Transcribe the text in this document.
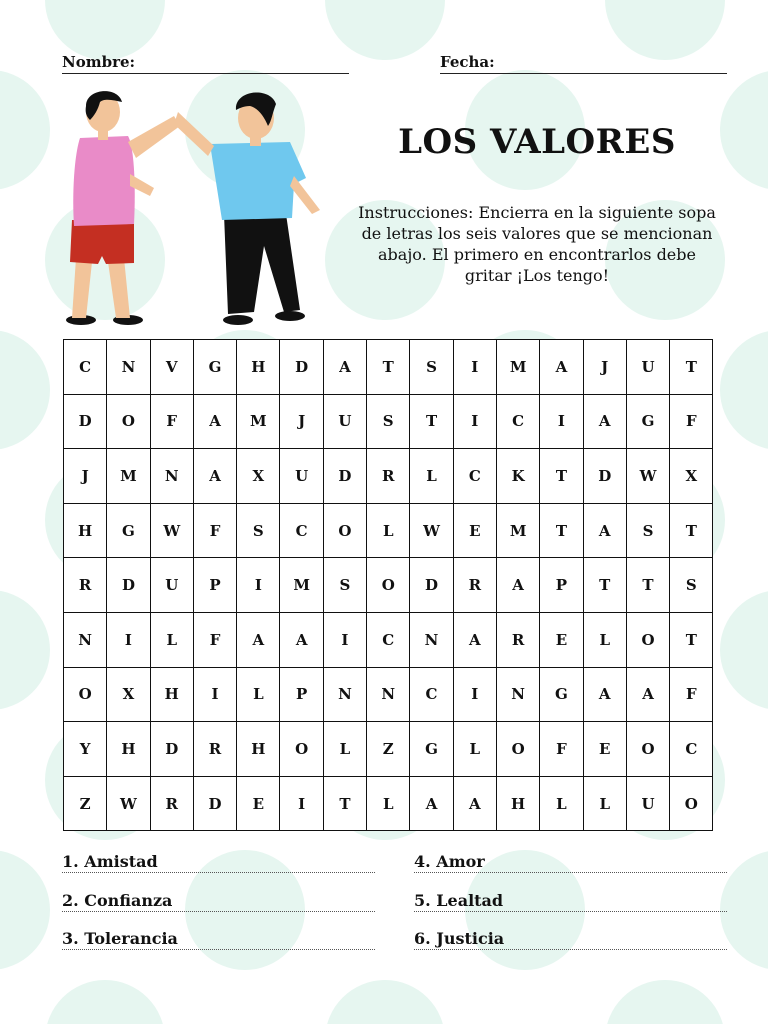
Nombre:	Fecha:
LOS VALORES
Instrucciones: Encierra en la siguiente sopa de letras los seis valores que se mencionan abajo. El primero en encontrarlos debe gritar ¡Los tengo!
C	N	V	G	H	D	A	T	S	I	M	A	J	U	T
D	O	F	A	M	J	U	S	T	I	C	I	A	G	F
J	M	N	A	X	U	D	R	L	C	K	T	D	W	X
H	G	W	F	S	C	O	L	W	E	M	T	A	S	T
R	D	U	P	I	M	S	O	D	R	A	P	T	T	S
N	I	L	F	A	A	I	C	N	A	R	E	L	O	T
O	X	H	I	L	P	N	N	C	I	N	G	A	A	F
Y	H	D	R	H	O	L	Z	G	L	O	F	E	O	C
Z	W	R	D	E	I	T	L	A	A	H	L	L	U	O
1. Amistad
2. Confianza
3. Tolerancia
4. Amor
5. Lealtad
6. Justicia
